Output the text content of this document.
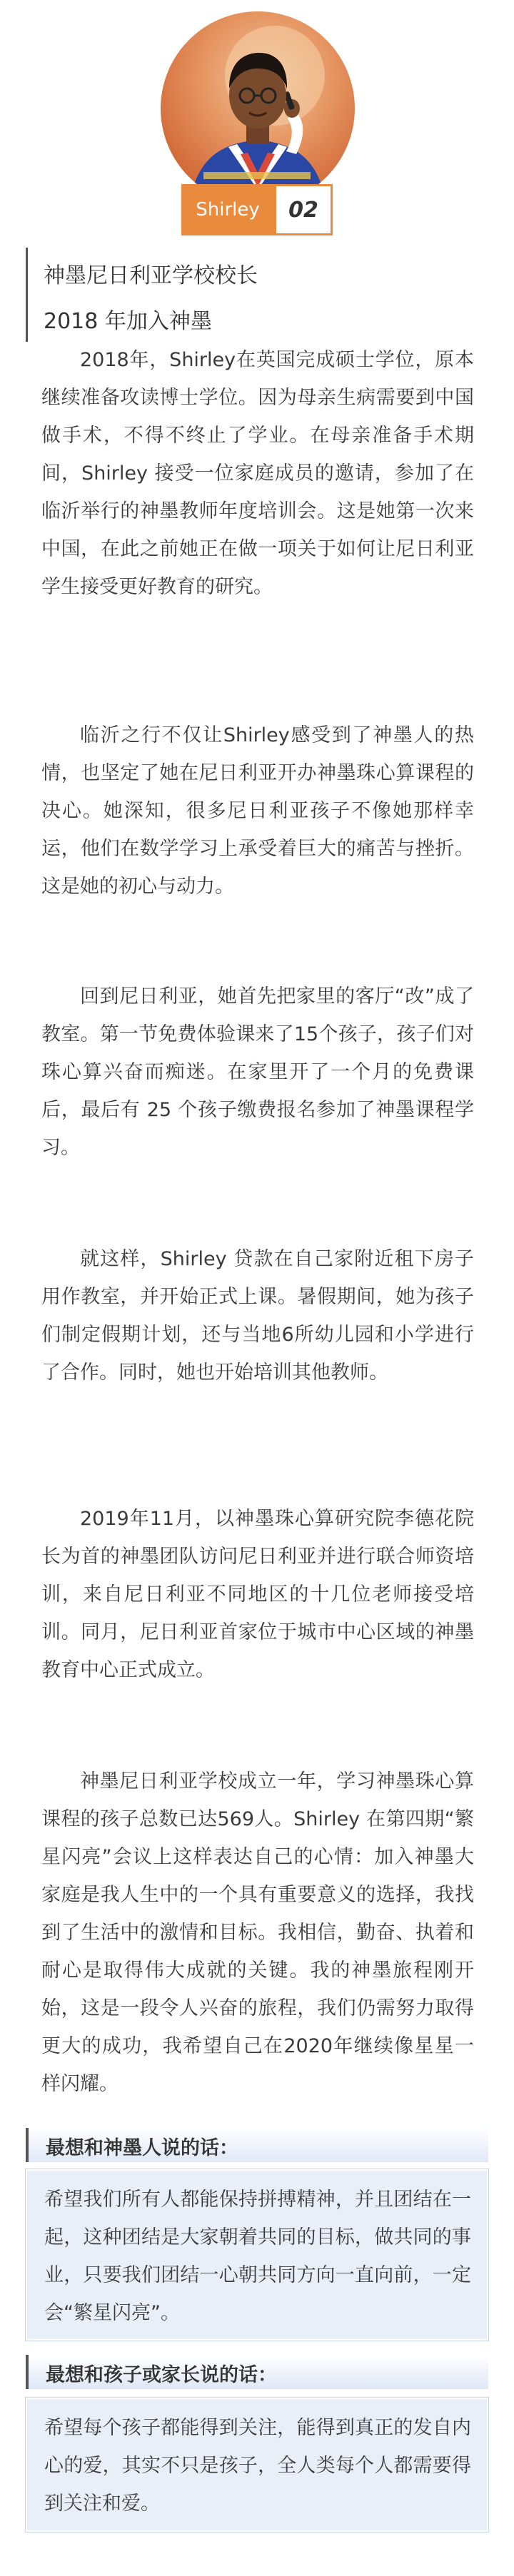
Shirley	02
神墨尼日利亚学校校长
2018 年加入神墨
2018年，Shirley在英国完成硕士学位，原本继续准备攻读博士学位。因为母亲生病需要到中国做手术，不得不终止了学业。在母亲准备手术期间，Shirley 接受一位家庭成员的邀请，参加了在临沂举行的神墨教师年度培训会。这是她第一次来中国，在此之前她正在做一项关于如何让尼日利亚学生接受更好教育的研究。
临沂之行不仅让Shirley感受到了神墨人的热情，也坚定了她在尼日利亚开办神墨珠心算课程的决心。她深知，很多尼日利亚孩子不像她那样幸运，他们在数学学习上承受着巨大的痛苦与挫折。这是她的初心与动力。
回到尼日利亚，她首先把家里的客厅“改”成了教室。第一节免费体验课来了15个孩子，孩子们对珠心算兴奋而痴迷。在家里开了一个月的免费课后，最后有 25 个孩子缴费报名参加了神墨课程学习。
就这样，Shirley 贷款在自己家附近租下房子用作教室，并开始正式上课。暑假期间，她为孩子们制定假期计划，还与当地6所幼儿园和小学进行了合作。同时，她也开始培训其他教师。
2019年11月，以神墨珠心算研究院李德花院长为首的神墨团队访问尼日利亚并进行联合师资培训，来自尼日利亚不同地区的十几位老师接受培训。同月，尼日利亚首家位于城市中心区域的神墨教育中心正式成立。
神墨尼日利亚学校成立一年，学习神墨珠心算课程的孩子总数已达569人。Shirley 在第四期“繁星闪亮”会议上这样表达自己的心情：加入神墨大家庭是我人生中的一个具有重要意义的选择，我找到了生活中的激情和目标。我相信，勤奋、执着和耐心是取得伟大成就的关键。我的神墨旅程刚开始，这是一段令人兴奋的旅程，我们仍需努力取得更大的成功，我希望自己在2020年继续像星星一样闪耀。
最想和神墨人说的话：
希望我们所有人都能保持拼搏精神，并且团结在一起，这种团结是大家朝着共同的目标，做共同的事业，只要我们团结一心朝共同方向一直向前，一定会“繁星闪亮”。
最想和孩子或家长说的话：
希望每个孩子都能得到关注，能得到真正的发自内心的爱，其实不只是孩子，全人类每个人都需要得到关注和爱。
